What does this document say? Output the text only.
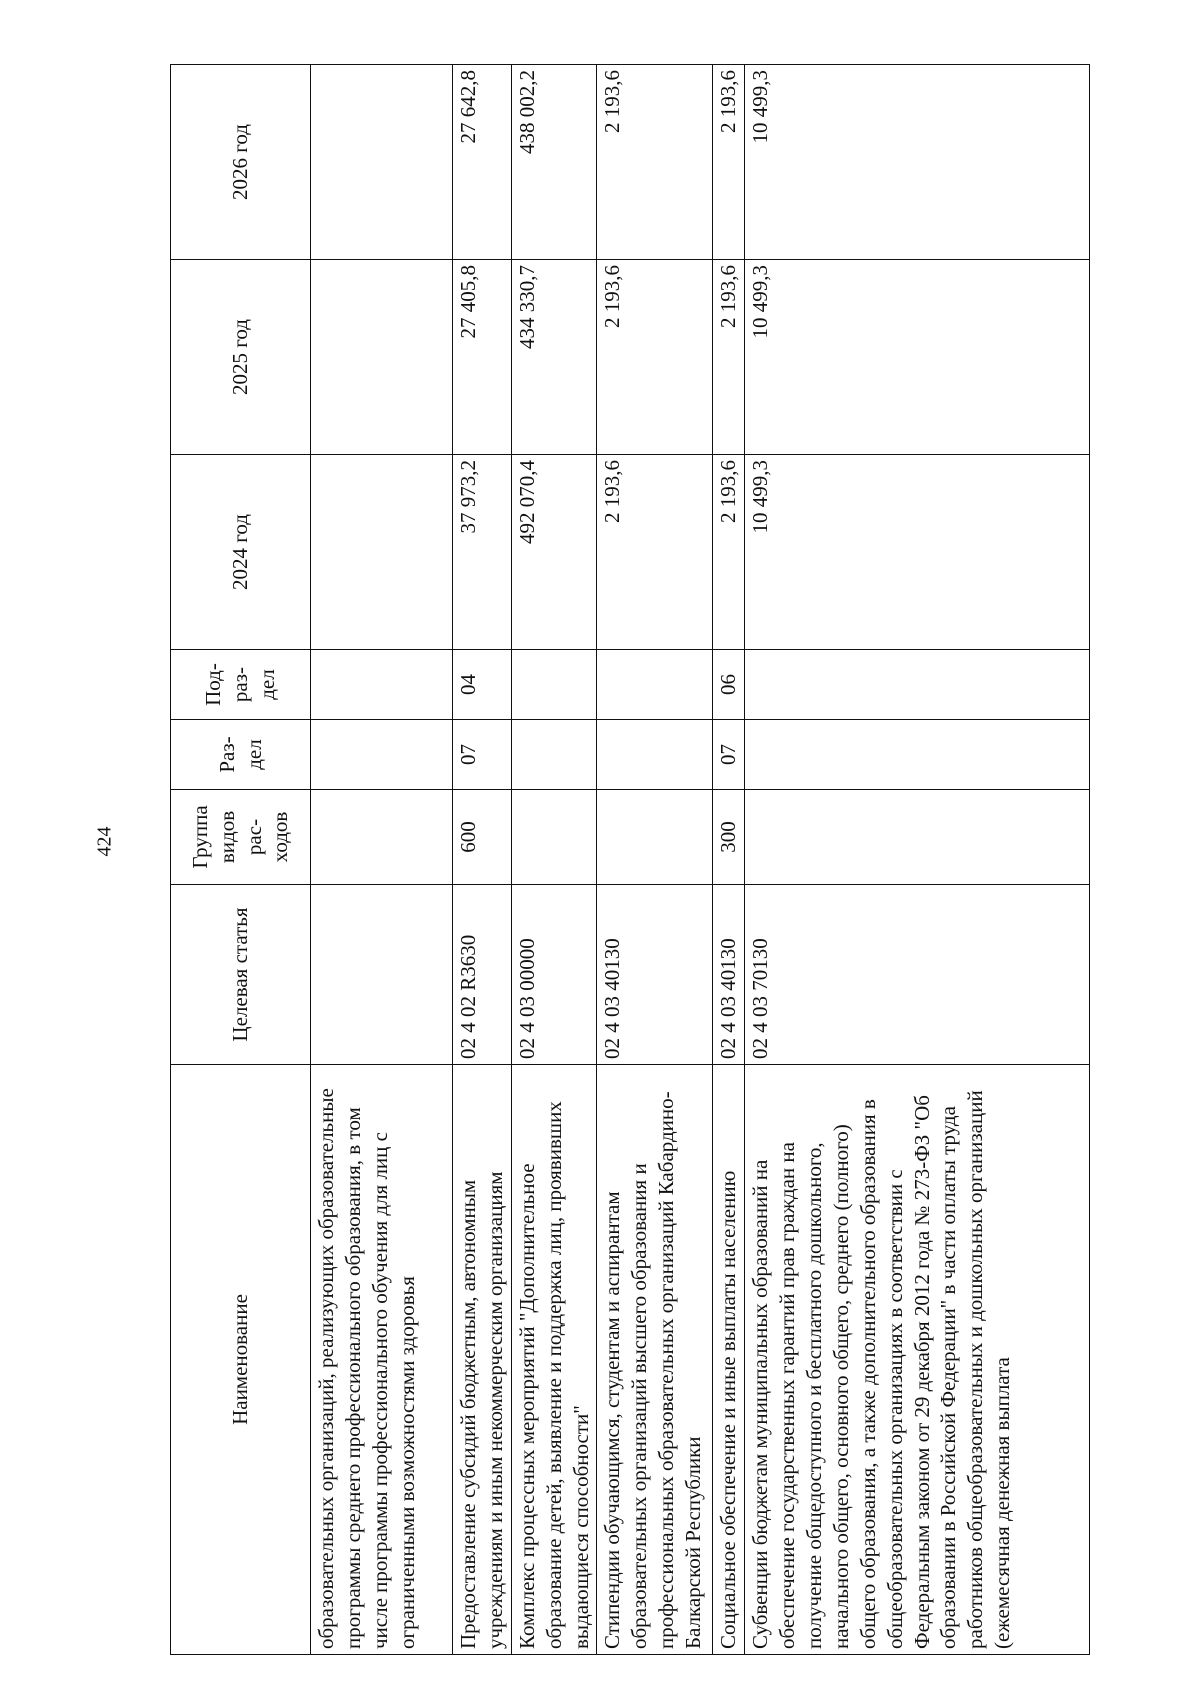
424
Наименование	Целевая статья	Группа видов рас-ходов	Раз-дел	Под-раз-дел	2024 год	2025 год	2026 год
образовательных организаций, реализующих образовательные программы среднего профессионального образования, в том числе программы профессионального обучения для лиц с ограниченными возможностями здоровья							
Предоставление субсидий бюджетным, автономным учреждениям и иным некоммерческим организациям	02 4 02 R3630	600	07	04	37 973,2	27 405,8	27 642,8
Комплекс процессных мероприятий "Дополнительное образование детей, выявление и поддержка лиц, проявивших выдающиеся способности"	02 4 03 00000				492 070,4	434 330,7	438 002,2
Стипендии обучающимся, студентам и аспирантам образовательных организаций высшего образования и профессиональных образовательных организаций Кабардино-Балкарской Республики	02 4 03 40130				2 193,6	2 193,6	2 193,6
Социальное обеспечение и иные выплаты населению	02 4 03 40130	300	07	06	2 193,6	2 193,6	2 193,6
Субвенции бюджетам муниципальных образований на обеспечение государственных гарантий прав граждан на получение общедоступного и бесплатного дошкольного, начального общего, основного общего, среднего (полного) общего образования, а также дополнительного образования в общеобразовательных организациях в соответствии с Федеральным законом от 29 декабря 2012 года № 273-ФЗ "Об образовании в Российской Федерации" в части оплаты труда работников общеобразовательных и дошкольных организаций (ежемесячная денежная выплата	02 4 03 70130				10 499,3	10 499,3	10 499,3
